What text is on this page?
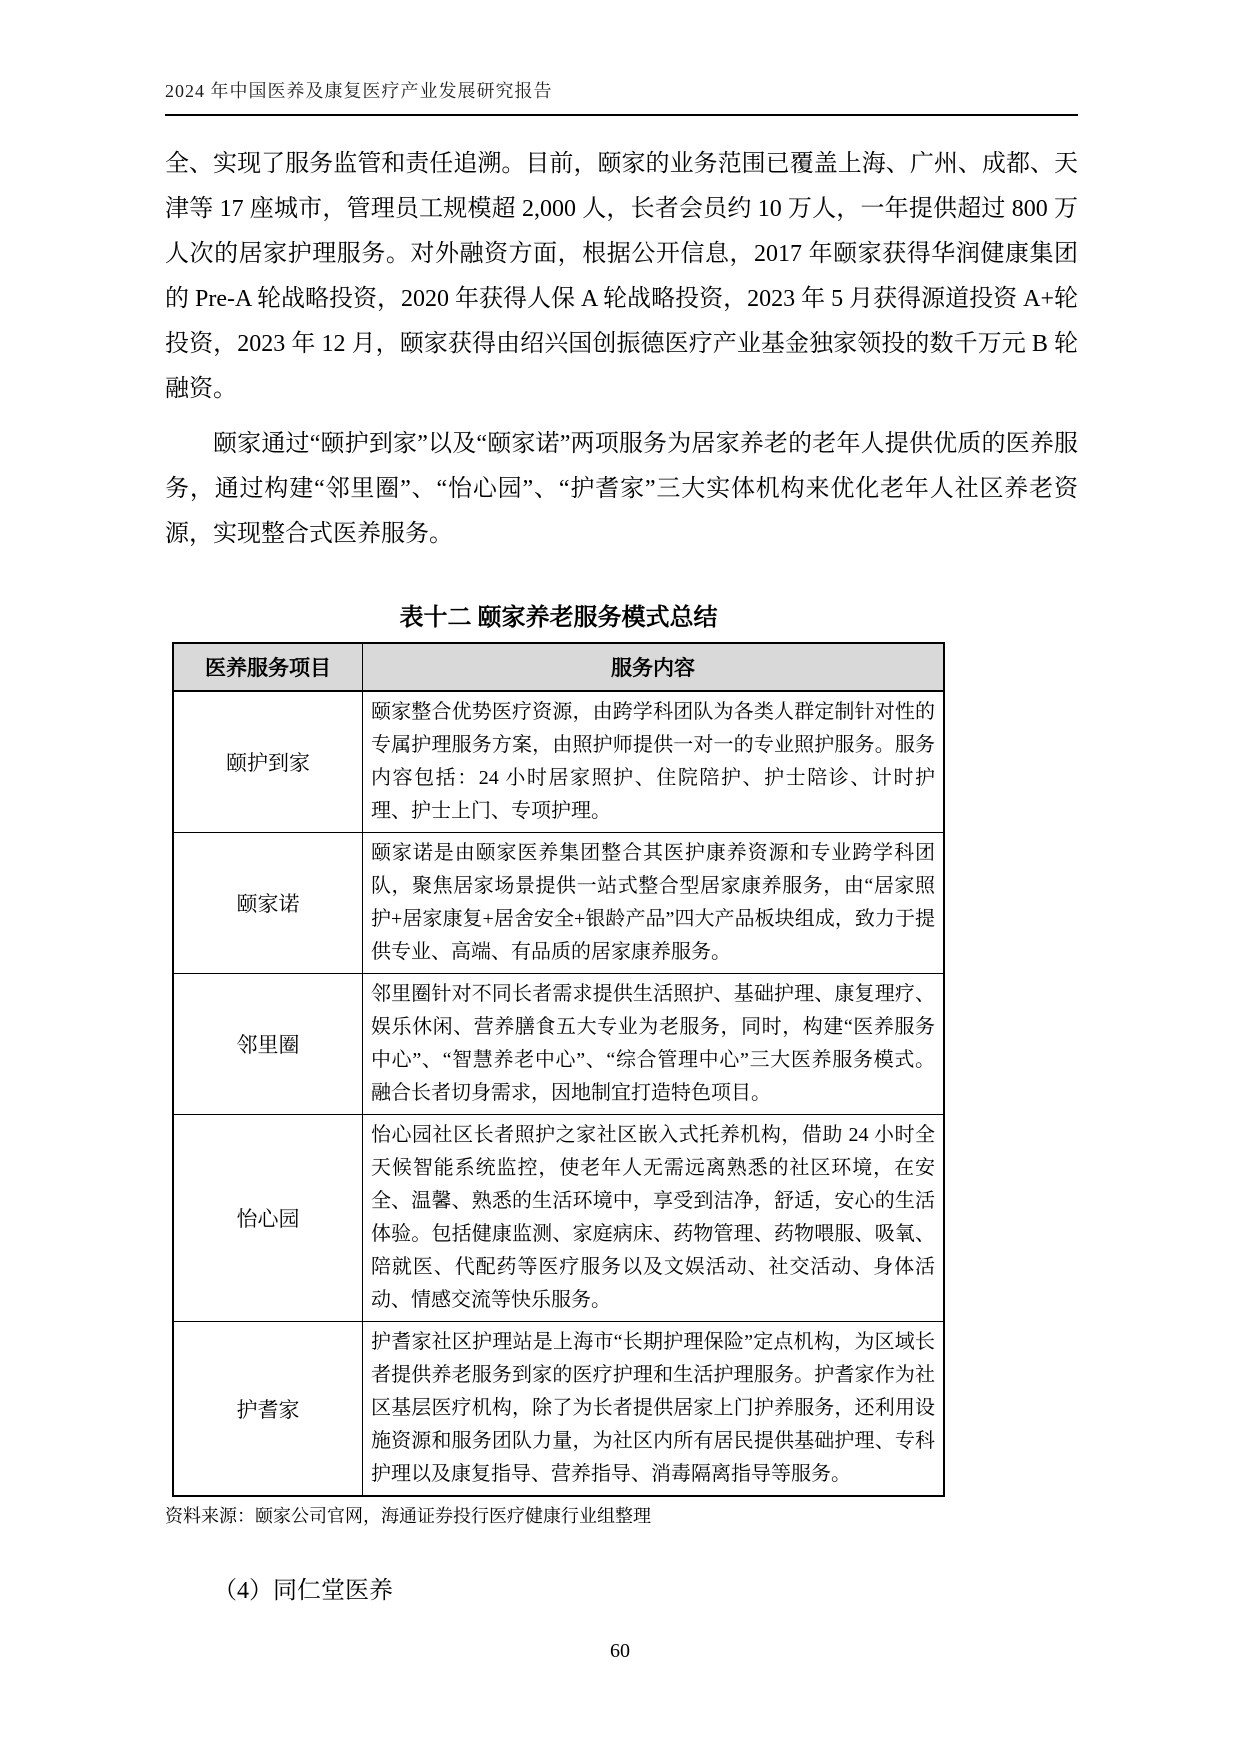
2024 年中国医养及康复医疗产业发展研究报告

全、实现了服务监管和责任追溯。目前，颐家的业务范围已覆盖上海、广州、成都、天津等 17 座城市，管理员工规模超 2,000 人，长者会员约 10 万人，一年提供超过 800 万人次的居家护理服务。对外融资方面，根据公开信息，2017 年颐家获得华润健康集团的 Pre-A 轮战略投资，2020 年获得人保 A 轮战略投资，2023 年 5 月获得源道投资 A+轮投资，2023 年 12 月，颐家获得由绍兴国创振德医疗产业基金独家领投的数千万元 B 轮融资。

颐家通过“颐护到家”以及“颐家诺”两项服务为居家养老的老年人提供优质的医养服务，通过构建“邻里圈”、“怡心园”、“护耆家”三大实体机构来优化老年人社区养老资源，实现整合式医养服务。

表十二 颐家养老服务模式总结
医养服务项目	服务内容
颐护到家	颐家整合优势医疗资源，由跨学科团队为各类人群定制针对性的专属护理服务方案，由照护师提供一对一的专业照护服务。服务内容包括：24 小时居家照护、住院陪护、护士陪诊、计时护理、护士上门、专项护理。
颐家诺	颐家诺是由颐家医养集团整合其医护康养资源和专业跨学科团队，聚焦居家场景提供一站式整合型居家康养服务，由“居家照护+居家康复+居舍安全+银龄产品”四大产品板块组成，致力于提供专业、高端、有品质的居家康养服务。
邻里圈	邻里圈针对不同长者需求提供生活照护、基础护理、康复理疗、娱乐休闲、营养膳食五大专业为老服务，同时，构建“医养服务中心”、“智慧养老中心”、“综合管理中心”三大医养服务模式。融合长者切身需求，因地制宜打造特色项目。
怡心园	怡心园社区长者照护之家社区嵌入式托养机构，借助 24 小时全天候智能系统监控，使老年人无需远离熟悉的社区环境，在安全、温馨、熟悉的生活环境中，享受到洁净，舒适，安心的生活体验。包括健康监测、家庭病床、药物管理、药物喂服、吸氧、陪就医、代配药等医疗服务以及文娱活动、社交活动、身体活动、情感交流等快乐服务。
护耆家	护耆家社区护理站是上海市“长期护理保险”定点机构，为区域长者提供养老服务到家的医疗护理和生活护理服务。护耆家作为社区基层医疗机构，除了为长者提供居家上门护养服务，还利用设施资源和服务团队力量，为社区内所有居民提供基础护理、专科护理以及康复指导、营养指导、消毒隔离指导等服务。
资料来源：颐家公司官网，海通证券投行医疗健康行业组整理
（4）同仁堂医养
60
